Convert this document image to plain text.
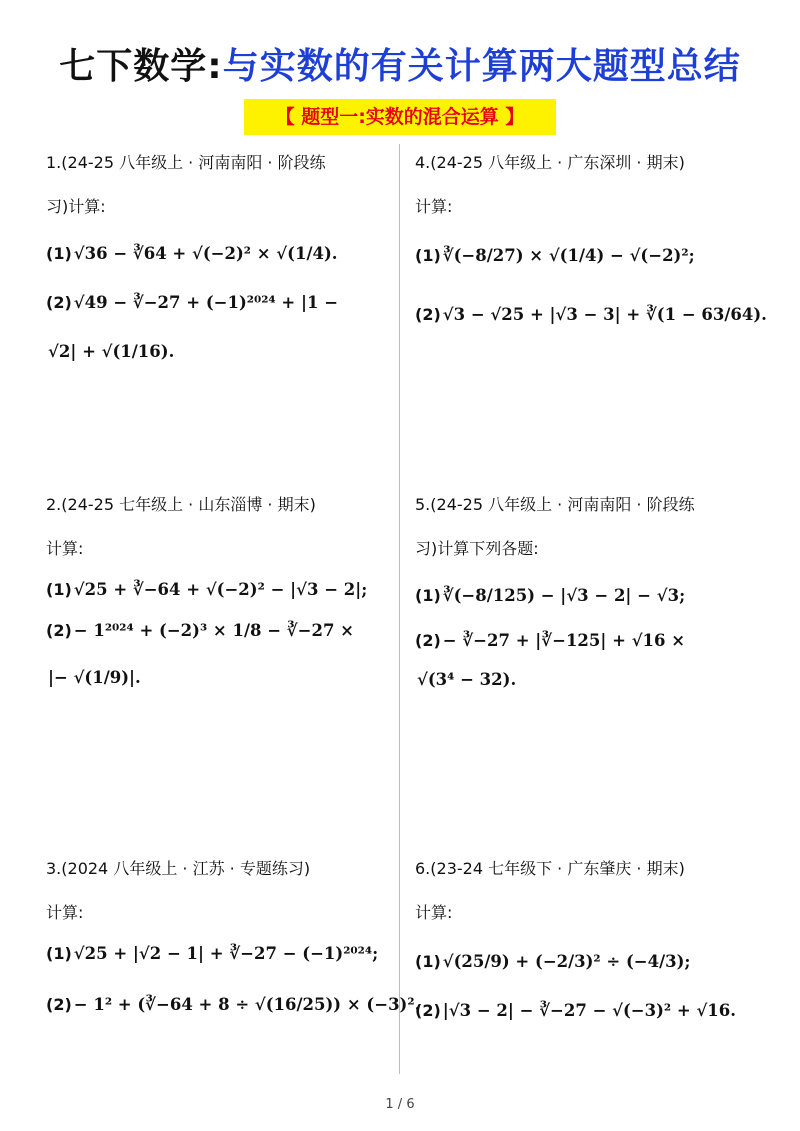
七下数学:与实数的有关计算两大题型总结
【 题型一:实数的混合运算 】
1.(24-25 八年级上 · 河南南阳 · 阶段练
习)计算:
(1) √36 − ∛64 + √(−2)² × √(1/4).
(2) √49 − ∛−27 + (−1)²⁰²⁴ + |1 −
√2| + √(1/16).
2.(24-25 七年级上 · 山东淄博 · 期末)
计算:
(1) √25 + ∛−64 + √(−2)² − |√3 − 2|;
(2) − 1²⁰²⁴ + (−2)³ × 1/8 − ∛−27 ×
|− √(1/9)|.
3.(2024 八年级上 · 江苏 · 专题练习)
计算:
(1) √25 + |√2 − 1| + ∛−27 − (−1)²⁰²⁴;
(2) − 1² + (∛−64 + 8 ÷ √(16/25)) × (−3)².
4.(24-25 八年级上 · 广东深圳 · 期末)
计算:
(1) ∛(−8/27) × √(1/4) − √(−2)²;
(2) √3 − √25 + |√3 − 3| + ∛(1 − 63/64).
5.(24-25 八年级上 · 河南南阳 · 阶段练
习)计算下列各题:
(1) ∛(−8/125) − |√3 − 2| − √3;
(2) − ∛−27 + |∛−125| + √16 ×
√(3⁴ − 32).
6.(23-24 七年级下 · 广东肇庆 · 期末)
计算:
(1) √(25/9) + (−2/3)² ÷ (−4/3);
(2) |√3 − 2| − ∛−27 − √(−3)² + √16.
1 / 6
